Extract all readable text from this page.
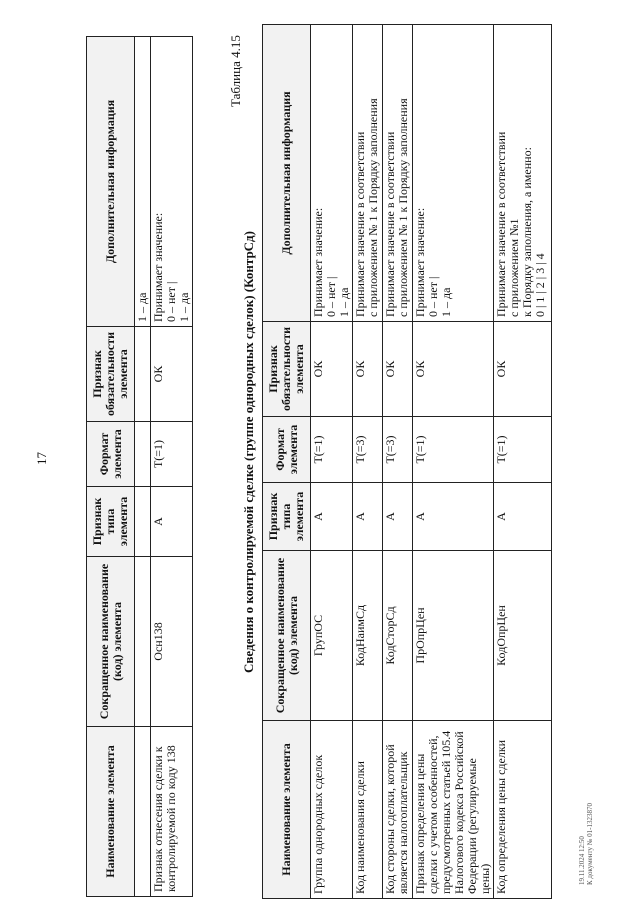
17
Наименование элемента	Сокращенное наименование (код) элемента	Признак типа элемента	Формат элемента	Признак обязательности элемента	Дополнительная информация
					1 – да
Признак отнесения сделки к контролируемой по коду 138	Осн138	А	Т(=1)	ОК	Принимает значение: 0 – нет | 1 – да
Таблица 4.15
Сведения о контролируемой сделке (группе однородных сделок) (КонтрСд)
Наименование элемента	Сокращенное наименование (код) элемента	Признак типа элемента	Формат элемента	Признак обязательности элемента	Дополнительная информация
Группа однородных сделок	ГрупОС	А	Т(=1)	ОК	Принимает значение: 0 – нет | 1 – да

Код наименования сделки	КодНаимСд	А	Т(=3)	ОК	Принимает значение в соответствии с приложением № 1 к Порядку заполнения

Код стороны сделки, которой является налогоплательщик	КодСторСд	А	Т(=3)	ОК	Принимает значение в соответствии с приложением № 1 к Порядку заполнения

Признак определения цены сделки с учетом особенностей, предусмотренных статьей 105.4 Налогового кодекса Российской Федерации (регулируемые цены)	ПрОпрЦен	А	Т(=1)	ОК	Принимает значение: 0 – нет | 1 – да

Код определения цены сделки	КодОпрЦен	А	Т(=1)	ОК	Принимает значение в соответствии с приложением №1 к Порядку заполнения, а именно: 0 | 1 | 2 | 3 | 4
19.11.2024 12:50 К документу № 01-1323870
